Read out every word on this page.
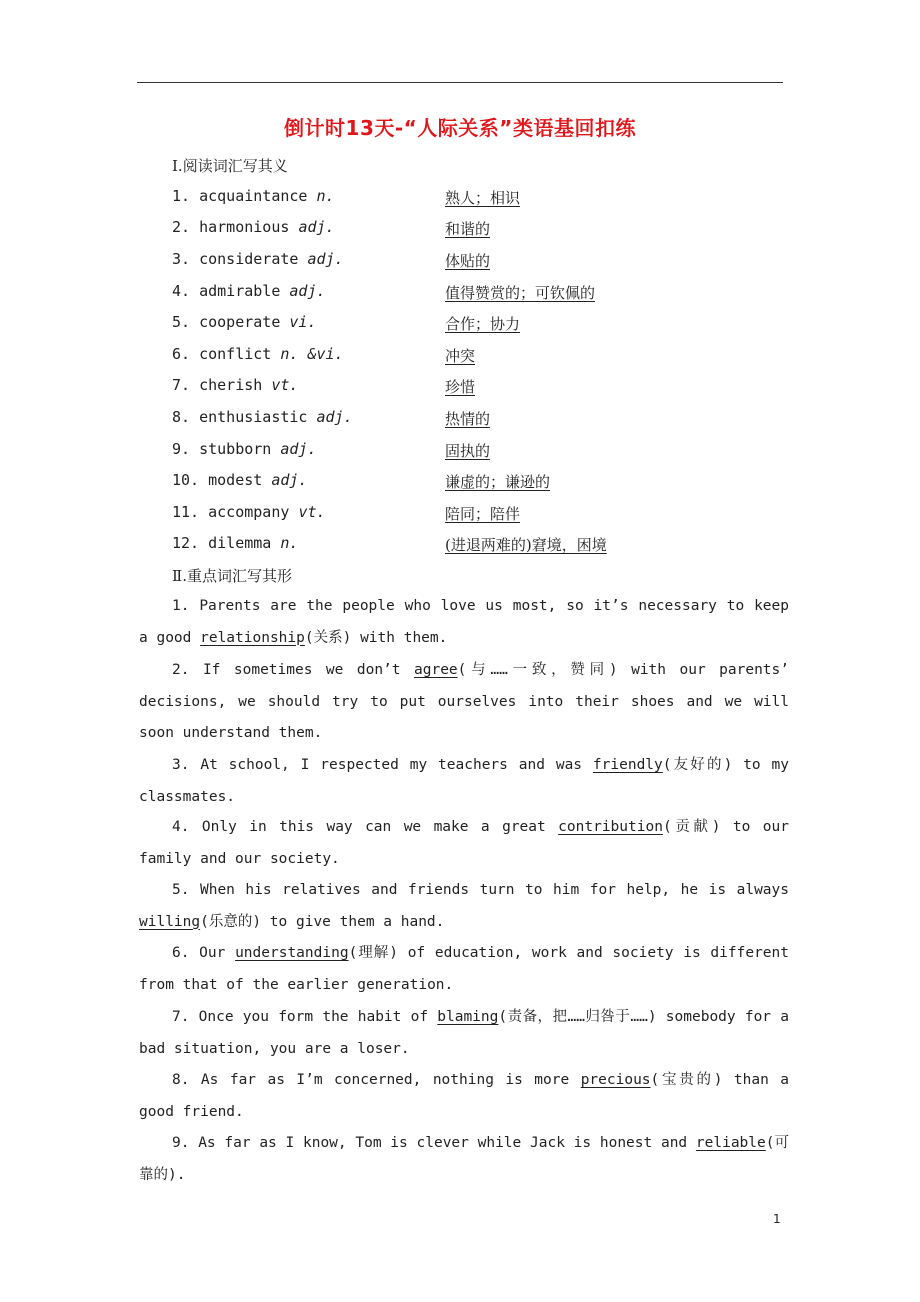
倒计时13天-“人际关系”类语基回扣练
Ⅰ.阅读词汇写其义
1. acquaintance n.	熟人；相识
2. harmonious adj.	和谐的
3. considerate adj.	体贴的
4. admirable adj.	值得赞赏的；可钦佩的
5. cooperate vi.	合作；协力
6. conflict n. &vi.	冲突
7. cherish vt.	珍惜
8. enthusiastic adj.	热情的
9. stubborn adj.	固执的
10. modest adj.	谦虚的；谦逊的
11. accompany vt.	陪同；陪伴
12. dilemma n.	(进退两难的)窘境，困境
Ⅱ.重点词汇写其形
1. Parents are the people who love us most, so it’s necessary to keep a good relationship(关系) with them.
2. If sometimes we don’t agree(与……一致，赞同) with our parents’ decisions, we should try to put ourselves into their shoes and we will soon understand them.
3. At school, I respected my teachers and was friendly(友好的) to my classmates.
4. Only in this way can we make a great contribution(贡献) to our family and our society.
5. When his relatives and friends turn to him for help, he is always willing(乐意的) to give them a hand.
6. Our understanding(理解) of education, work and society is different from that of the earlier generation.
7. Once you form the habit of blaming(责备，把……归咎于……) somebody for a bad situation, you are a loser.
8. As far as I’m concerned, nothing is more precious(宝贵的) than a good friend.
9. As far as I know, Tom is clever while Jack is honest and reliable(可靠的).
1
